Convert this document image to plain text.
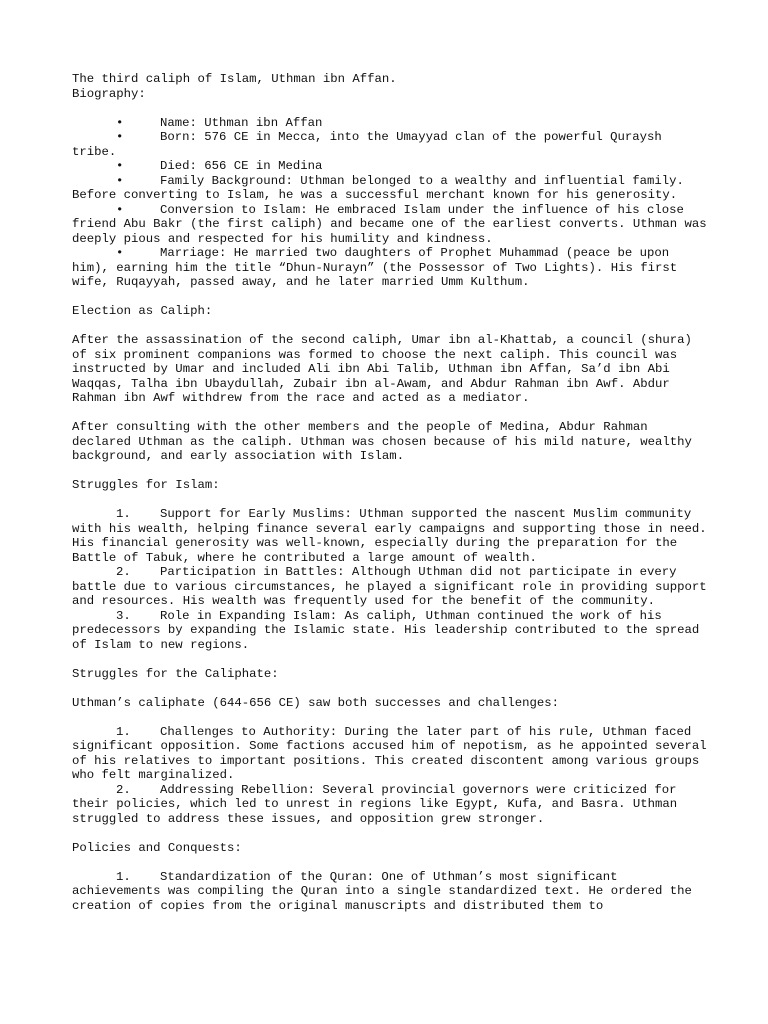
The third caliph of Islam, Uthman ibn Affan.

Biography:

•	Name: Uthman ibn Affan

•	Born: 576 CE in Mecca, into the Umayyad clan of the powerful Quraysh tribe.

•	Died: 656 CE in Medina

•	Family Background: Uthman belonged to a wealthy and influential family. Before converting to Islam, he was a successful merchant known for his generosity.

•	Conversion to Islam: He embraced Islam under the influence of his close friend Abu Bakr (the first caliph) and became one of the earliest converts. Uthman was deeply pious and respected for his humility and kindness.

•	Marriage: He married two daughters of Prophet Muhammad (peace be upon him), earning him the title “Dhun-Nurayn” (the Possessor of Two Lights). His first wife, Ruqayyah, passed away, and he later married Umm Kulthum.

Election as Caliph:

After the assassination of the second caliph, Umar ibn al-Khattab, a council (shura) of six prominent companions was formed to choose the next caliph. This council was instructed by Umar and included Ali ibn Abi Talib, Uthman ibn Affan, Sa’d ibn Abi Waqqas, Talha ibn Ubaydullah, Zubair ibn al-Awam, and Abdur Rahman ibn Awf. Abdur Rahman ibn Awf withdrew from the race and acted as a mediator.

After consulting with the other members and the people of Medina, Abdur Rahman declared Uthman as the caliph. Uthman was chosen because of his mild nature, wealthy background, and early association with Islam.

Struggles for Islam:

1. Support for Early Muslims: Uthman supported the nascent Muslim community with his wealth, helping finance several early campaigns and supporting those in need. His financial generosity was well-known, especially during the preparation for the Battle of Tabuk, where he contributed a large amount of wealth.

2. Participation in Battles: Although Uthman did not participate in every battle due to various circumstances, he played a significant role in providing support and resources. His wealth was frequently used for the benefit of the community.

3. Role in Expanding Islam: As caliph, Uthman continued the work of his predecessors by expanding the Islamic state. His leadership contributed to the spread of Islam to new regions.

Struggles for the Caliphate:

Uthman’s caliphate (644-656 CE) saw both successes and challenges:

1. Challenges to Authority: During the later part of his rule, Uthman faced significant opposition. Some factions accused him of nepotism, as he appointed several of his relatives to important positions. This created discontent among various groups who felt marginalized.

2. Addressing Rebellion: Several provincial governors were criticized for their policies, which led to unrest in regions like Egypt, Kufa, and Basra. Uthman struggled to address these issues, and opposition grew stronger.

Policies and Conquests:

1. Standardization of the Quran: One of Uthman’s most significant achievements was compiling the Quran into a single standardized text. He ordered the creation of copies from the original manuscripts and distributed them to
